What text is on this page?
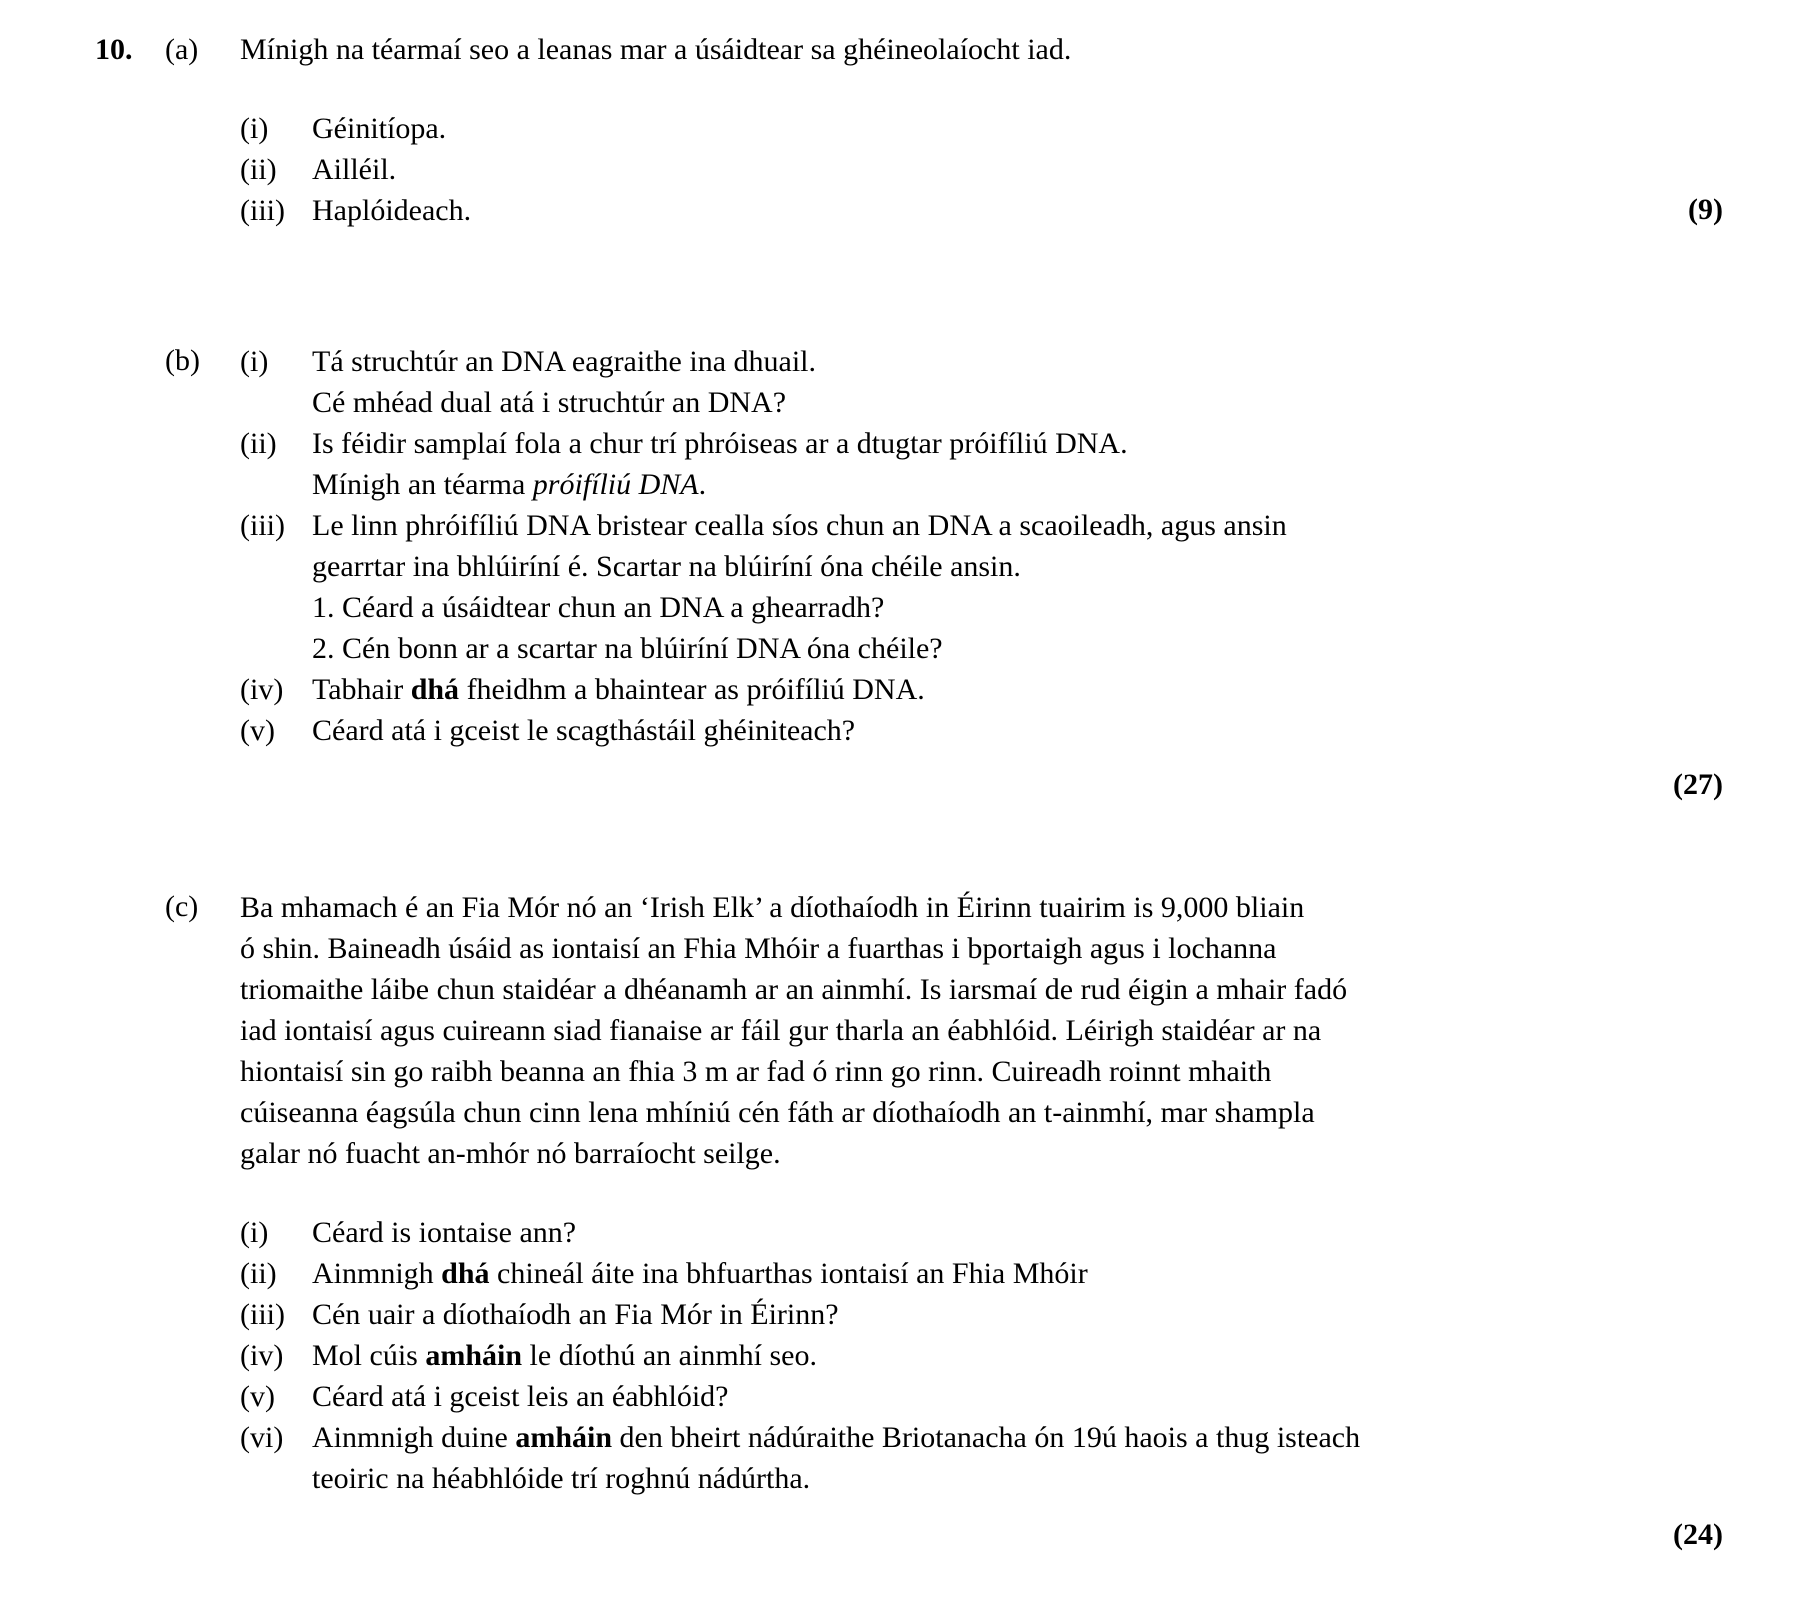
10.	(a)	Mínigh na téarmaí seo a leanas mar a úsáidtear sa ghéineolaíocht iad.
(i)	Géinitíopa.
(ii)	Ailléil.
(iii) Haplóideach.	(9)
(b)	(i)	Tá struchtúr an DNA eagraithe ina dhuail.
Cé mhéad dual atá i struchtúr an DNA?
(ii)	Is féidir samplaí fola a chur trí phróiseas ar a dtugtar próifíliú DNA.
Mínigh an téarma próifíliú DNA.
(iii) Le linn phróifíliú DNA bristear cealla síos chun an DNA a scaoileadh, agus ansin
gearrtar ina bhlúiríní é. Scartar na blúiríní óna chéile ansin.
1. Céard a úsáidtear chun an DNA a ghearradh?
2. Cén bonn ar a scartar na blúiríní DNA óna chéile?
(iv) Tabhair dhá fheidhm a bhaintear as próifíliú DNA.
(v)	Céard atá i gceist le scagthástáil ghéiniteach?
(27)
(c)	Ba mhamach é an Fia Mór nó an ‘Irish Elk’ a díothaíodh in Éirinn tuairim is 9,000 bliain
ó shin. Baineadh úsáid as iontaisí an Fhia Mhóir a fuarthas i bportaigh agus i lochanna
triomaithe láibe chun staidéar a dhéanamh ar an ainmhí. Is iarsmaí de rud éigin a mhair fadó
iad iontaisí agus cuireann siad fianaise ar fáil gur tharla an éabhlóid. Léirigh staidéar ar na
hiontaisí sin go raibh beanna an fhia 3 m ar fad ó rinn go rinn. Cuireadh roinnt mhaith
cúiseanna éagsúla chun cinn lena mhíniú cén fáth ar díothaíodh an t-ainmhí, mar shampla
galar nó fuacht an-mhór nó barraíocht seilge.
(i)	Céard is iontaise ann?
(ii)	Ainmnigh dhá chineál áite ina bhfuarthas iontaisí an Fhia Mhóir
(iii) Cén uair a díothaíodh an Fia Mór in Éirinn?
(iv) Mol cúis amháin le díothú an ainmhí seo.
(v)	Céard atá i gceist leis an éabhlóid?
(vi) Ainmnigh duine amháin den bheirt nádúraithe Briotanacha ón 19ú haois a thug isteach
teoiric na héabhlóide trí roghnú nádúrtha.
(24)
